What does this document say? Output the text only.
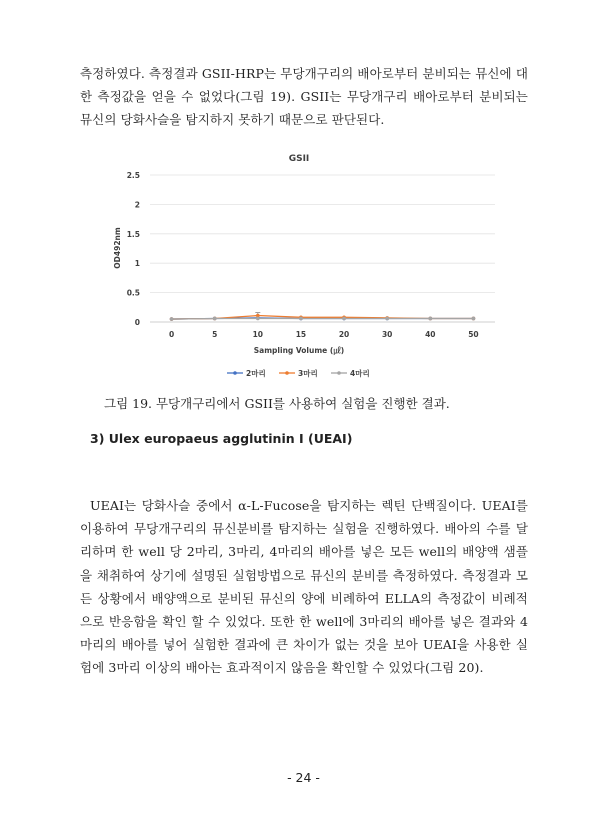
측정하였다. 측정결과 GSII-HRP는 무당개구리의 배아로부터 분비되는 뮤신에 대한 측정값을 얻을 수 없었다(그림 19). GSII는 무당개구리 배아로부터 분비되는 뮤신의 당화사슬을 탐지하지 못하기 때문으로 판단된다.

GSII
0
0.5
1
1.5
2
2.5
0	5	10	15	20	30	40	50
OD492nm
Sampling Volume (㎕)
2마리	3마리	4마리

그림 19. 무당개구리에서 GSII를 사용하여 실험을 진행한 결과.

3) Ulex europaeus agglutinin I (UEAI)

UEAI는 당화사슬 중에서 α-L-Fucose을 탐지하는 렉틴 단백질이다. UEAI를 이용하여 무당개구리의 뮤신분비를 탐지하는 실험을 진행하였다. 배아의 수를 달리하며 한 well 당 2마리, 3마리, 4마리의 배아를 넣은 모든 well의 배양액 샘플을 채취하여 상기에 설명된 실험방법으로 뮤신의 분비를 측정하였다. 측정결과 모든 상황에서 배양액으로 분비된 뮤신의 양에 비례하여 ELLA의 측정값이 비례적으로 반응함을 확인 할 수 있었다. 또한 한 well에 3마리의 배아를 넣은 결과와 4마리의 배아를 넣어 실험한 결과에 큰 차이가 없는 것을 보아 UEAI을 사용한 실험에 3마리 이상의 배아는 효과적이지 않음을 확인할 수 있었다(그림 20).

- 24 -
